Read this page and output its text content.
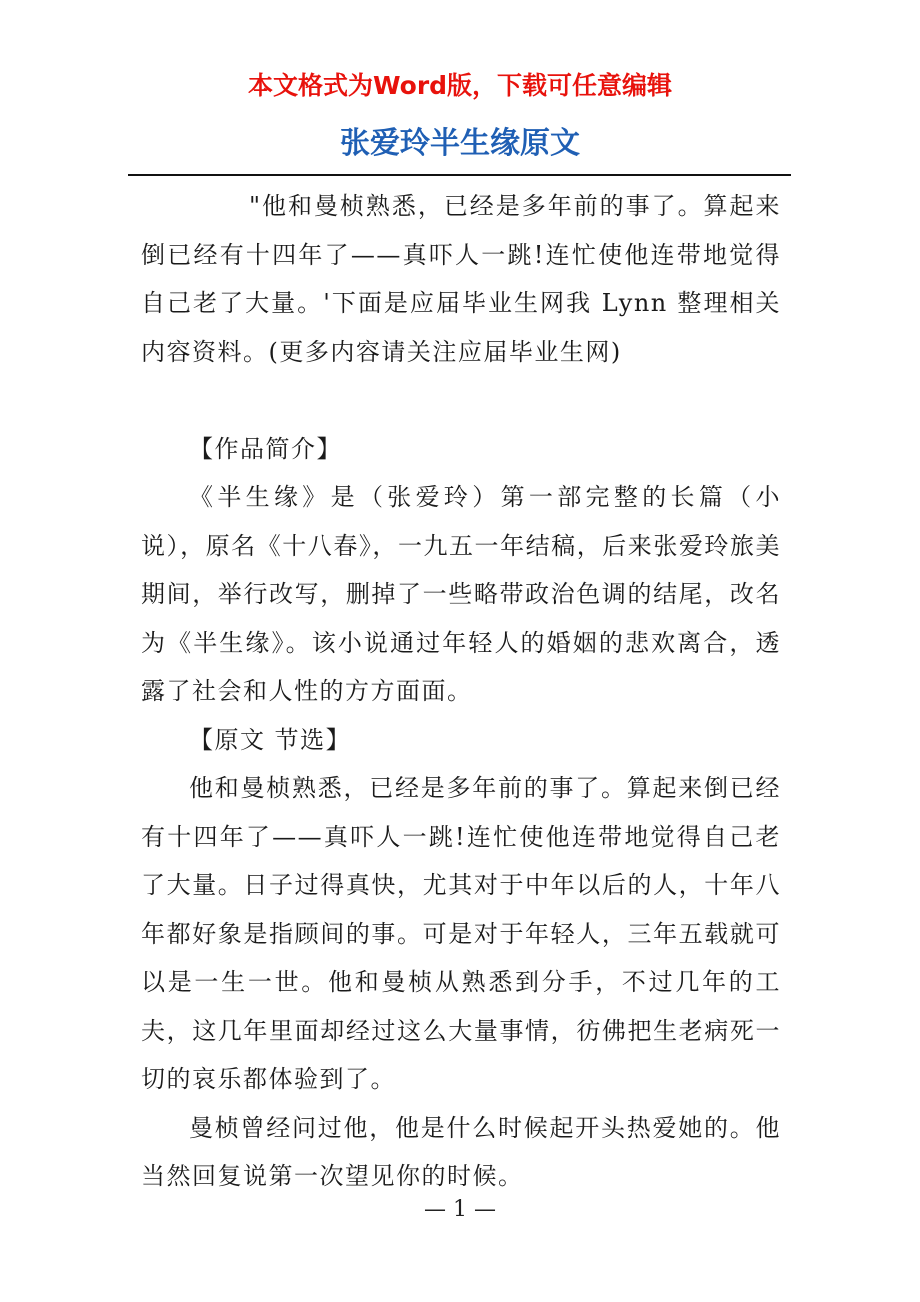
本文格式为Word版，下载可任意编辑
张爱玲半生缘原文

"他和曼桢熟悉，已经是多年前的事了。算起来倒已经有十四年了——真吓人一跳!连忙使他连带地觉得自己老了大量。'下面是应届毕业生网我 Lynn 整理相关内容资料。(更多内容请关注应届毕业生网)

【作品简介】

《半生缘》是（张爱玲）第一部完整的长篇（小说），原名《十八春》，一九五一年结稿，后来张爱玲旅美期间，举行改写，删掉了一些略带政治色调的结尾，改名为《半生缘》。该小说通过年轻人的婚姻的悲欢离合，透露了社会和人性的方方面面。

【原文 节选】

他和曼桢熟悉，已经是多年前的事了。算起来倒已经有十四年了——真吓人一跳!连忙使他连带地觉得自己老了大量。日子过得真快，尤其对于中年以后的人，十年八年都好象是指顾间的事。可是对于年轻人，三年五载就可以是一生一世。他和曼桢从熟悉到分手，不过几年的工夫，这几年里面却经过这么大量事情，彷佛把生老病死一切的哀乐都体验到了。

曼桢曾经问过他，他是什么时候起开头热爱她的。他当然回复说第一次望见你的时候。

— 1 —
